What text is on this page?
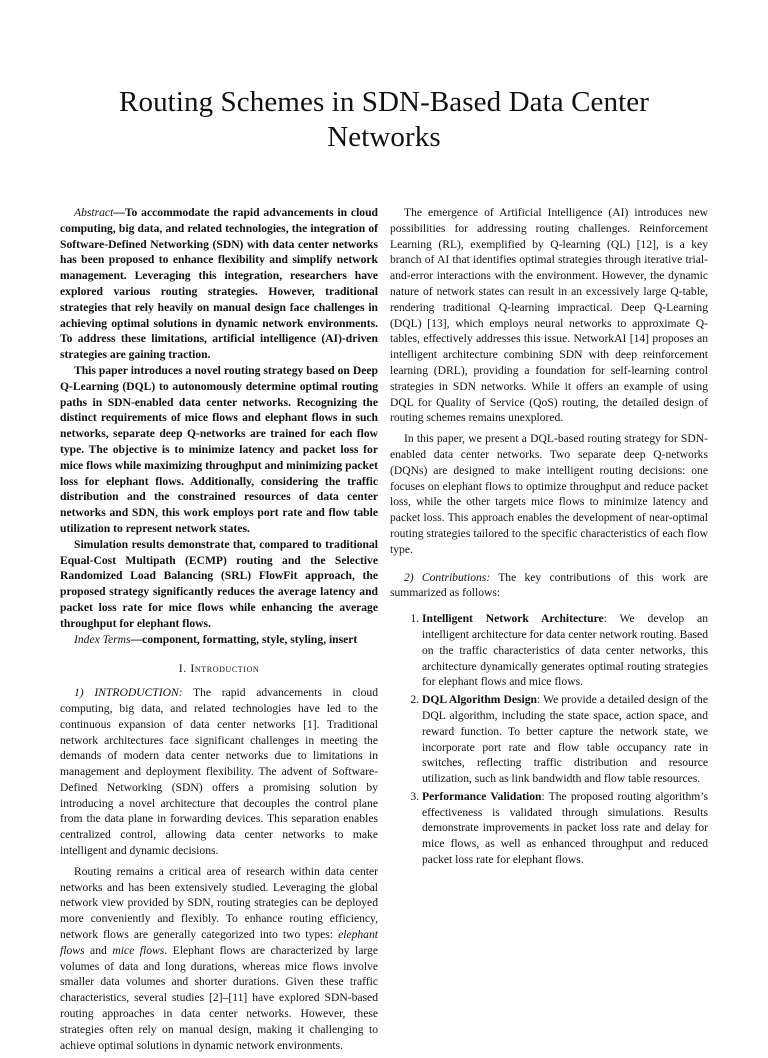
Routing Schemes in SDN-Based Data Center Networks

Abstract—To accommodate the rapid advancements in cloud computing, big data, and related technologies, the integration of Software-Defined Networking (SDN) with data center networks has been proposed to enhance flexibility and simplify network management. Leveraging this integration, researchers have explored various routing strategies. However, traditional strategies that rely heavily on manual design face challenges in achieving optimal solutions in dynamic network environments. To address these limitations, artificial intelligence (AI)-driven strategies are gaining traction.

This paper introduces a novel routing strategy based on Deep Q-Learning (DQL) to autonomously determine optimal routing paths in SDN-enabled data center networks. Recognizing the distinct requirements of mice flows and elephant flows in such networks, separate deep Q-networks are trained for each flow type. The objective is to minimize latency and packet loss for mice flows while maximizing throughput and minimizing packet loss for elephant flows. Additionally, considering the traffic distribution and the constrained resources of data center networks and SDN, this work employs port rate and flow table utilization to represent network states.

Simulation results demonstrate that, compared to traditional Equal-Cost Multipath (ECMP) routing and the Selective Randomized Load Balancing (SRL) FlowFit approach, the proposed strategy significantly reduces the average latency and packet loss rate for mice flows while enhancing the average throughput for elephant flows.

Index Terms—component, formatting, style, styling, insert

I. Introduction

1) INTRODUCTION: The rapid advancements in cloud computing, big data, and related technologies have led to the continuous expansion of data center networks [1]. Traditional network architectures face significant challenges in meeting the demands of modern data center networks due to limitations in management and deployment flexibility. The advent of Software-Defined Networking (SDN) offers a promising solution by introducing a novel architecture that decouples the control plane from the data plane in forwarding devices. This separation enables centralized control, allowing data center networks to make intelligent and dynamic decisions.

Routing remains a critical area of research within data center networks and has been extensively studied. Leveraging the global network view provided by SDN, routing strategies can be deployed more conveniently and flexibly. To enhance routing efficiency, network flows are generally categorized into two types: elephant flows and mice flows. Elephant flows are characterized by large volumes of data and long durations, whereas mice flows involve smaller data volumes and shorter durations. Given these traffic characteristics, several studies [2]–[11] have explored SDN-based routing approaches in data center networks. However, these strategies often rely on manual design, making it challenging to achieve optimal solutions in dynamic network environments.

The emergence of Artificial Intelligence (AI) introduces new possibilities for addressing routing challenges. Reinforcement Learning (RL), exemplified by Q-learning (QL) [12], is a key branch of AI that identifies optimal strategies through iterative trial-and-error interactions with the environment. However, the dynamic nature of network states can result in an excessively large Q-table, rendering traditional Q-learning impractical. Deep Q-Learning (DQL) [13], which employs neural networks to approximate Q-tables, effectively addresses this issue. NetworkAI [14] proposes an intelligent architecture combining SDN with deep reinforcement learning (DRL), providing a foundation for self-learning control strategies in SDN networks. While it offers an example of using DQL for Quality of Service (QoS) routing, the detailed design of routing schemes remains unexplored.

In this paper, we present a DQL-based routing strategy for SDN-enabled data center networks. Two separate deep Q-networks (DQNs) are designed to make intelligent routing decisions: one focuses on elephant flows to optimize throughput and reduce packet loss, while the other targets mice flows to minimize latency and packet loss. This approach enables the development of near-optimal routing strategies tailored to the specific characteristics of each flow type.

2) Contributions: The key contributions of this work are summarized as follows:

1. Intelligent Network Architecture: We develop an intelligent architecture for data center network routing. Based on the traffic characteristics of data center networks, this architecture dynamically generates optimal routing strategies for elephant flows and mice flows.
2. DQL Algorithm Design: We provide a detailed design of the DQL algorithm, including the state space, action space, and reward function. To better capture the network state, we incorporate port rate and flow table occupancy rate in switches, reflecting traffic distribution and resource utilization, such as link bandwidth and flow table resources.
3. Performance Validation: The proposed routing algorithm’s effectiveness is validated through simulations. Results demonstrate improvements in packet loss rate and delay for mice flows, as well as enhanced throughput and reduced packet loss rate for elephant flows.
